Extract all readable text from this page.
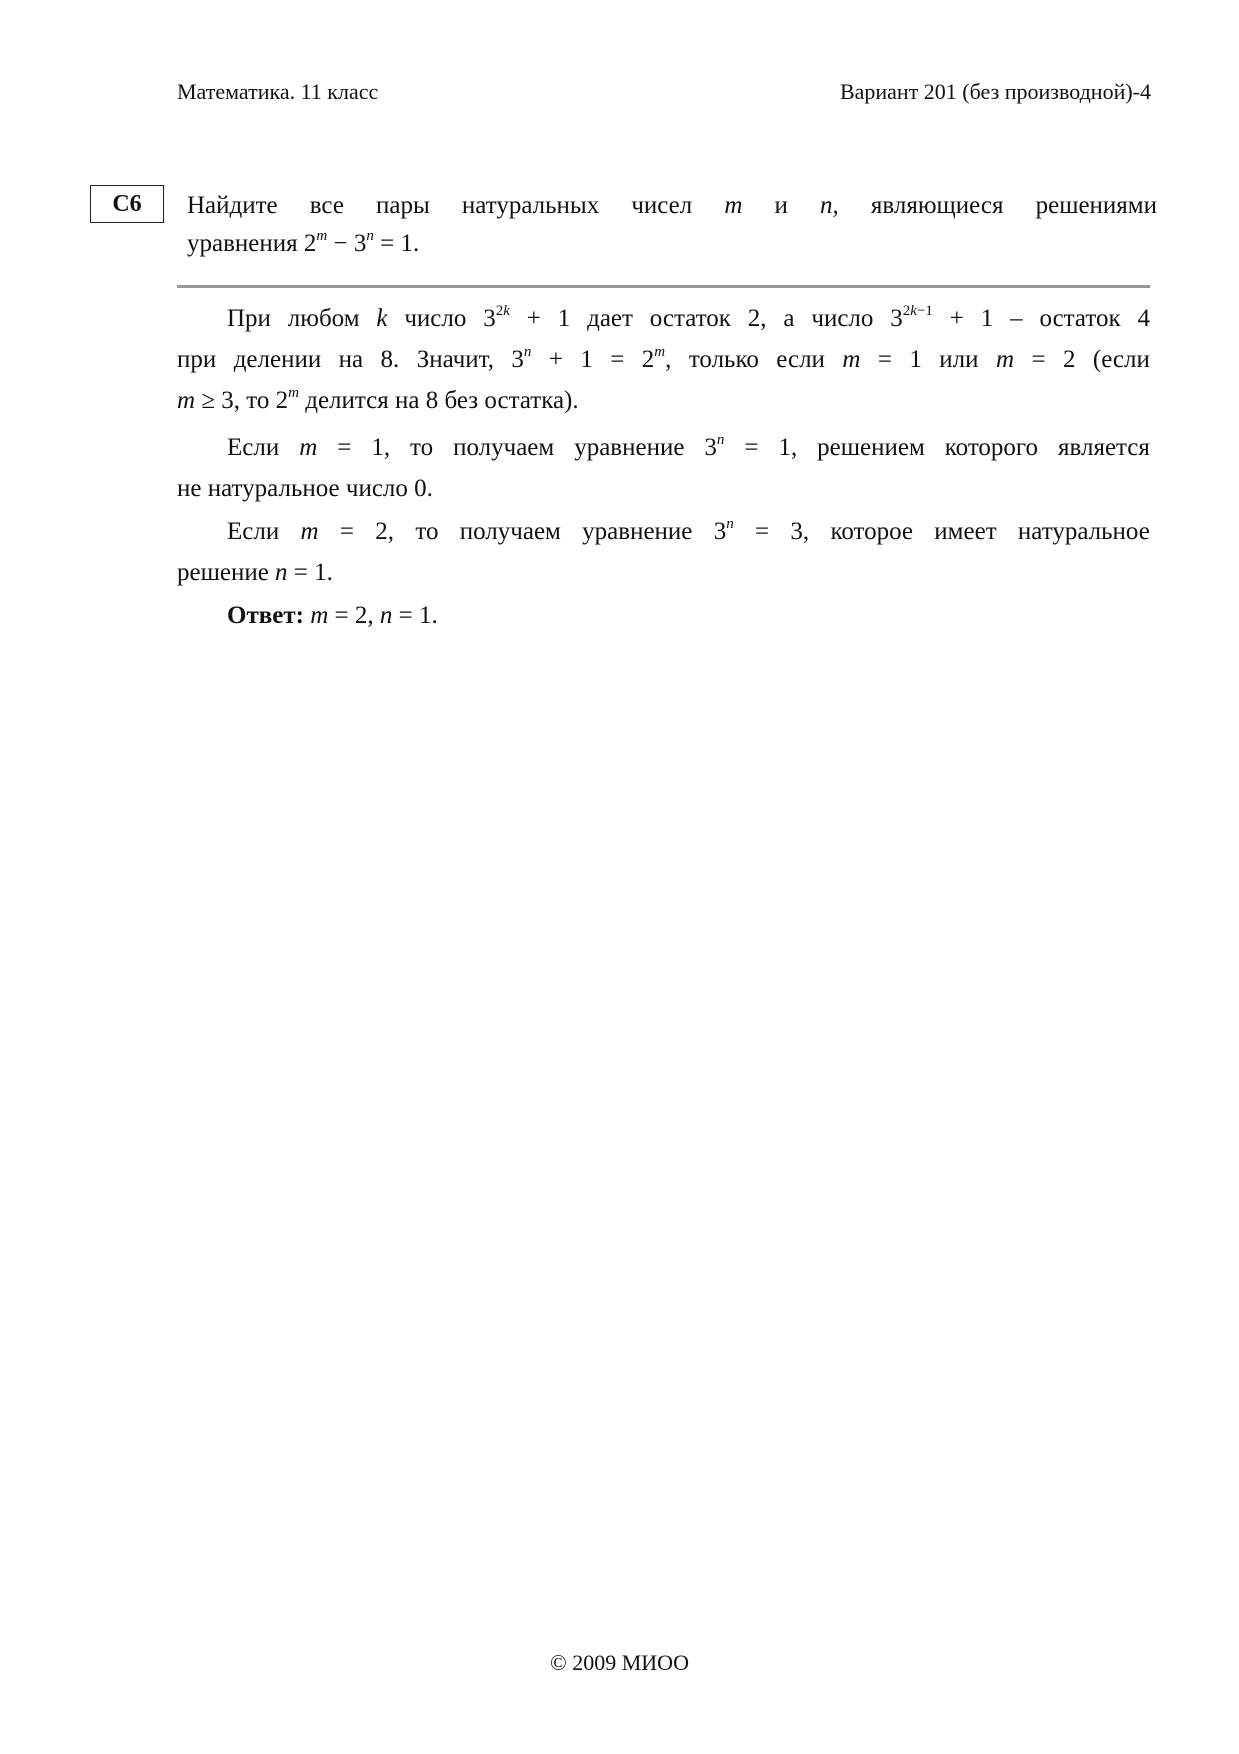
Математика. 11 класс	Вариант 201 (без производной)-4
С6	Найдите все пары натуральных чисел m и n, являющиеся решениями
уравнения $2^m - 3^n = 1$.
При любом k число $3^{2k} + 1$ дает остаток 2, а число $3^{2k-1} + 1$ – остаток 4
при делении на 8. Значит, $3^n + 1 = 2^m$, только если m = 1 или m = 2 (если
m ≥ 3, то 2$^m$ делится на 8 без остатка).
Если m = 1, то получаем уравнение $3^n = 1$, решением которого является
не натуральное число 0.
Если m = 2, то получаем уравнение $3^n = 3$, которое имеет натуральное
решение n = 1.
Ответ: m = 2, n = 1.
© 2009 МИОО
